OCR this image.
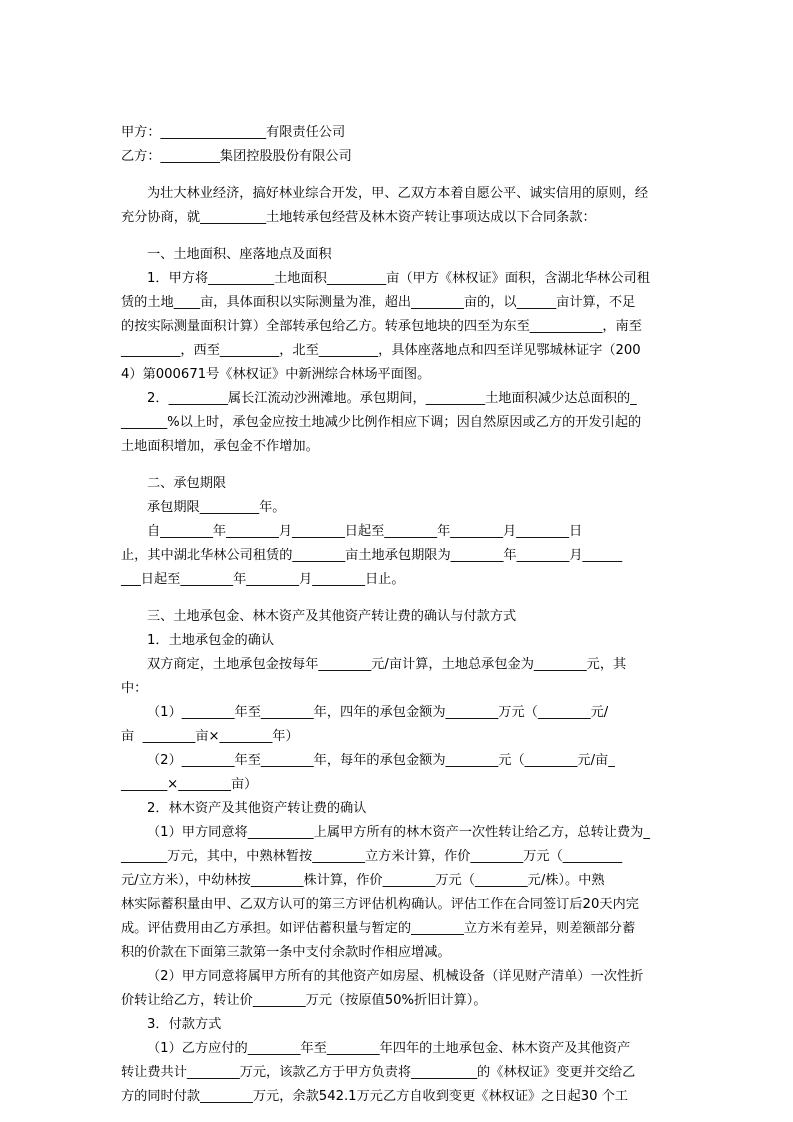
甲方：________________有限责任公司
乙方：_________集团控股股份有限公司
为壮大林业经济，搞好林业综合开发，甲、乙双方本着自愿公平、诚实信用的原则，经
充分协商，就__________土地转承包经营及林木资产转让事项达成以下合同条款：
一、土地面积、座落地点及面积
1．甲方将__________土地面积_________亩（甲方《林权证》面积，含湖北华林公司租
赁的土地____亩，具体面积以实际测量为准，超出________亩的，以______亩计算，不足
的按实际测量面积计算）全部转承包给乙方。转承包地块的四至为东至___________，南至
_________，西至_________，北至_________，具体座落地点和四至详见鄂城林证字（200
4）第000671号《林权证》中新洲综合林场平面图。
2．_________属长江流动沙洲滩地。承包期间，_________土地面积减少达总面积的_
_______%以上时，承包金应按土地减少比例作相应下调；因自然原因或乙方的开发引起的
土地面积增加，承包金不作增加。
二、承包期限
承包期限_________年。
自________年________月________日起至________年________月________日
止，其中湖北华林公司租赁的________亩土地承包期限为________年________月______
___日起至________年________月________日止。
三、土地承包金、林木资产及其他资产转让费的确认与付款方式
1．土地承包金的确认
双方商定，土地承包金按每年________元/亩计算，土地总承包金为________元，其
中：
（1）________年至________年，四年的承包金额为________万元（________元/
亩  ________亩×________年）
（2）________年至________年，每年的承包金额为________元（________元/亩_
_______×________亩）
2．林木资产及其他资产转让费的确认
（1）甲方同意将__________上属甲方所有的林木资产一次性转让给乙方，总转让费为_
_______万元，其中，中熟林暂按________立方米计算，作价________万元（_________
元/立方米），中幼林按________株计算，作价________万元（________元/株）。中熟
林实际蓄积量由甲、乙双方认可的第三方评估机构确认。评估工作在合同签订后20天内完
成。评估费用由乙方承担。如评估蓄积量与暂定的________立方米有差异，则差额部分蓄
积的价款在下面第三款第一条中支付余款时作相应增减。
（2）甲方同意将属甲方所有的其他资产如房屋、机械设备（详见财产清单）一次性折
价转让给乙方，转让价________万元（按原值50%折旧计算）。
3．付款方式
（1）乙方应付的________年至________年四年的土地承包金、林木资产及其他资产
转让费共计________万元，该款乙方于甲方负责将__________的《林权证》变更并交给乙
方的同时付款________万元，余款542.1万元乙方自收到变更《林权证》之日起30 个工
